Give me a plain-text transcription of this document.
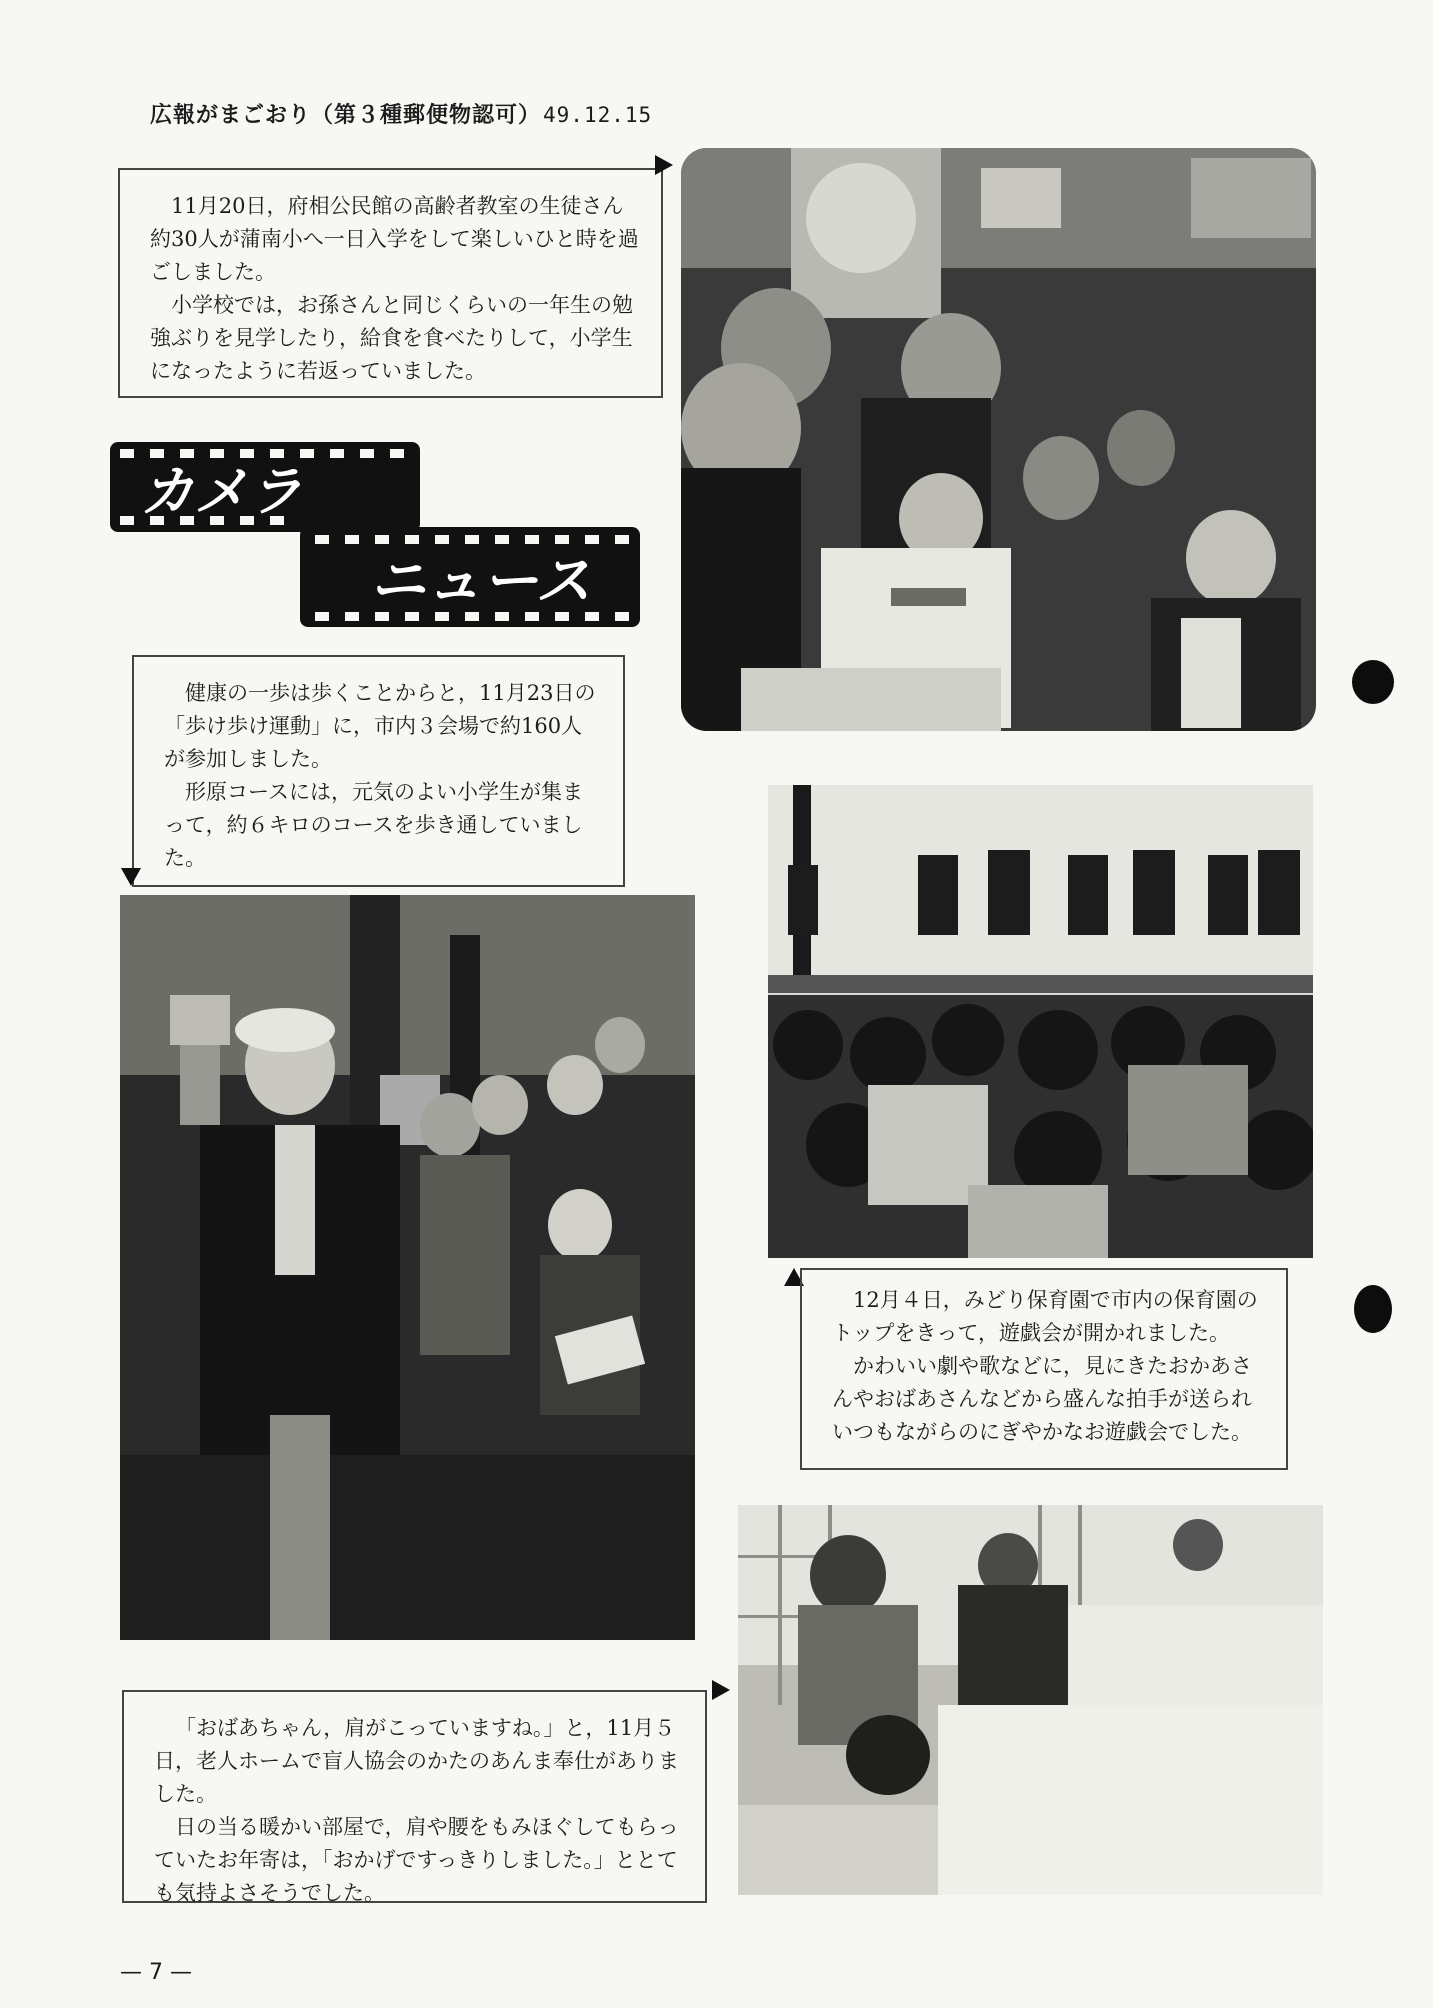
広報がまごおり（第３種郵便物認可）49.12.15

11月20日，府相公民館の高齢者教室の生徒さん約30人が蒲南小へ一日入学をして楽しいひと時を過ごしました。

小学校では，お孫さんと同じくらいの一年生の勉強ぶりを見学したり，給食を食べたりして，小学生になったように若返っていました。

カメラ
ニュース

健康の一歩は歩くことからと，11月23日の「歩け歩け運動」に，市内３会場で約160人が参加しました。

形原コースには，元気のよい小学生が集まって，約６キロのコースを歩き通していました。

12月４日，みどり保育園で市内の保育園のトップをきって，遊戯会が開かれました。

かわいい劇や歌などに，見にきたおかあさんやおばあさんなどから盛んな拍手が送られいつもながらのにぎやかなお遊戯会でした。

「おばあちゃん，肩がこっていますね。」と，11月５日，老人ホームで盲人協会のかたのあんま奉仕がありました。

日の当る暖かい部屋で，肩や腰をもみほぐしてもらっていたお年寄は，「おかげですっきりしました。」ととても気持よさそうでした。

— 7 —
